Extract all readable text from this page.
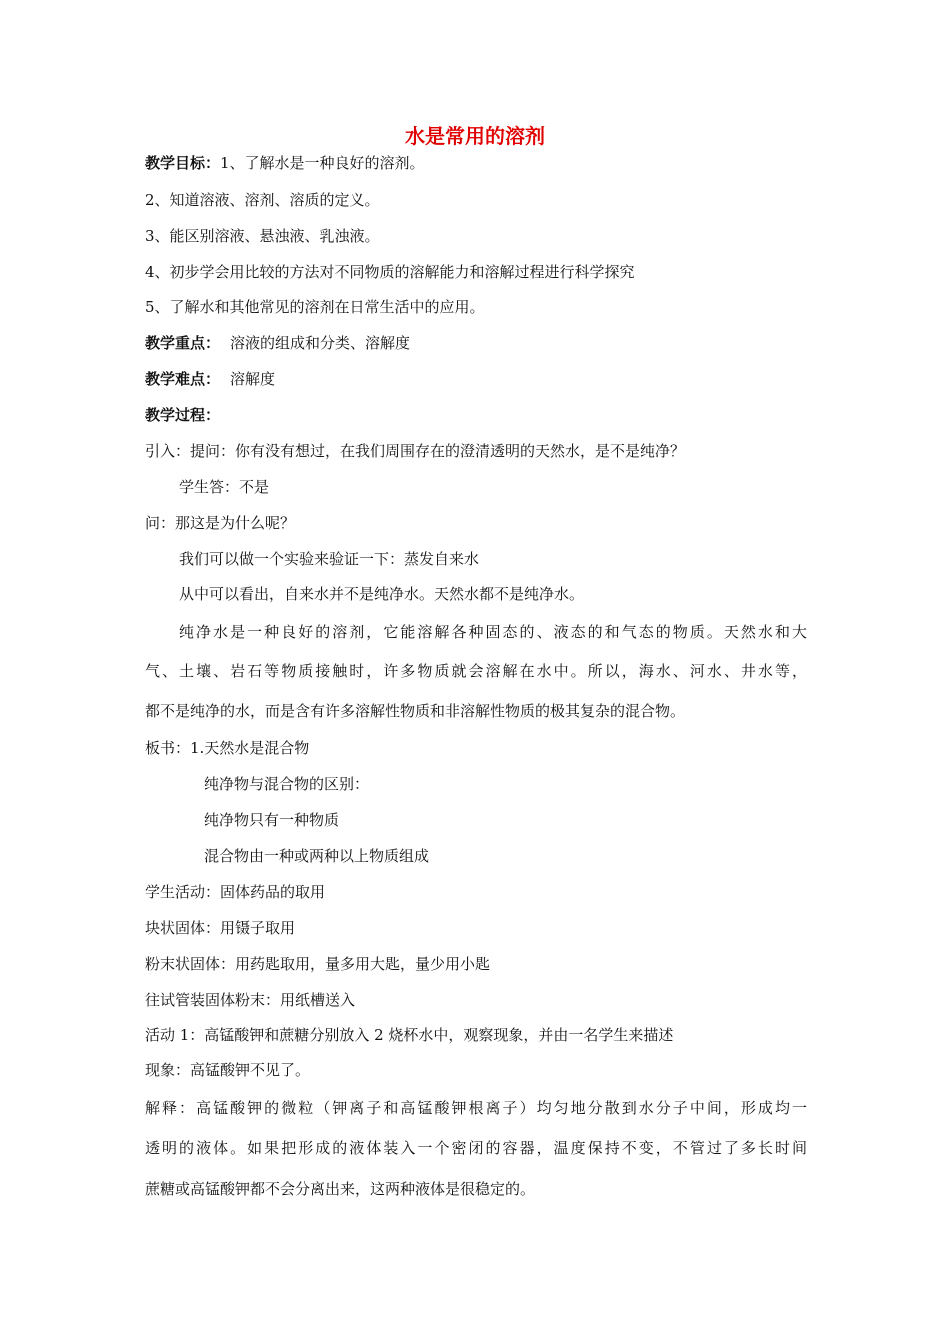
水是常用的溶剂
教学目标：1、了解水是一种良好的溶剂。
2、知道溶液、溶剂、溶质的定义。
3、能区别溶液、悬浊液、乳浊液。
4、初步学会用比较的方法对不同物质的溶解能力和溶解过程进行科学探究
5、了解水和其他常见的溶剂在日常生活中的应用。
教学重点： 溶液的组成和分类、溶解度
教学难点： 溶解度
教学过程：
引入：提问：你有没有想过，在我们周围存在的澄清透明的天然水，是不是纯净？
学生答：不是
问：那这是为什么呢？
我们可以做一个实验来验证一下：蒸发自来水
从中可以看出，自来水并不是纯净水。天然水都不是纯净水。
纯净水是一种良好的溶剂，它能溶解各种固态的、液态的和气态的物质。天然水和大
气、土壤、岩石等物质接触时，许多物质就会溶解在水中。所以，海水、河水、井水等，
都不是纯净的水，而是含有许多溶解性物质和非溶解性物质的极其复杂的混合物。
板书：1.天然水是混合物
纯净物与混合物的区别：
纯净物只有一种物质
混合物由一种或两种以上物质组成
学生活动：固体药品的取用
块状固体：用镊子取用
粉末状固体：用药匙取用，量多用大匙，量少用小匙
往试管装固体粉末：用纸槽送入
活动 1：高锰酸钾和蔗糖分别放入 2 烧杯水中，观察现象，并由一名学生来描述
现象：高锰酸钾不见了。
解释：高锰酸钾的微粒（钾离子和高锰酸钾根离子）均匀地分散到水分子中间，形成均一
透明的液体。如果把形成的液体装入一个密闭的容器，温度保持不变，不管过了多长时间
蔗糖或高锰酸钾都不会分离出来，这两种液体是很稳定的。
